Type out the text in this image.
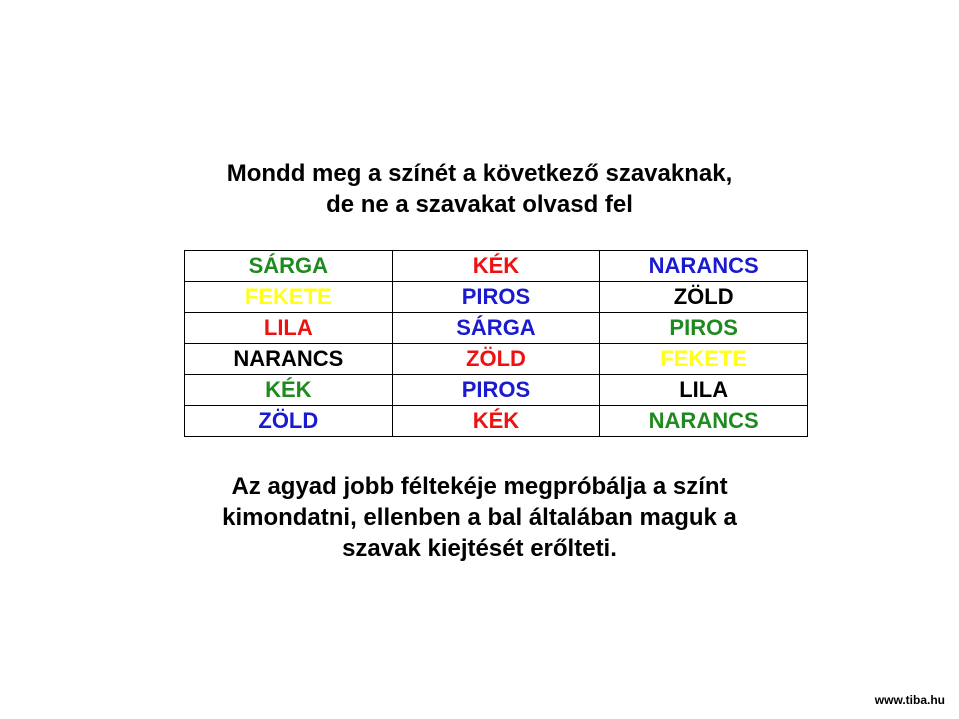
Mondd meg a színét a következő szavaknak,
de ne a szavakat olvasd fel
SÁRGA	KÉK	NARANCS
FEKETE	PIROS	ZÖLD
LILA	SÁRGA	PIROS
NARANCS	ZÖLD	FEKETE
KÉK	PIROS	LILA
ZÖLD	KÉK	NARANCS
Az agyad jobb féltekéje megpróbálja a színt
kimondatni, ellenben a bal általában maguk a
szavak kiejtését erőlteti.
www.tiba.hu
